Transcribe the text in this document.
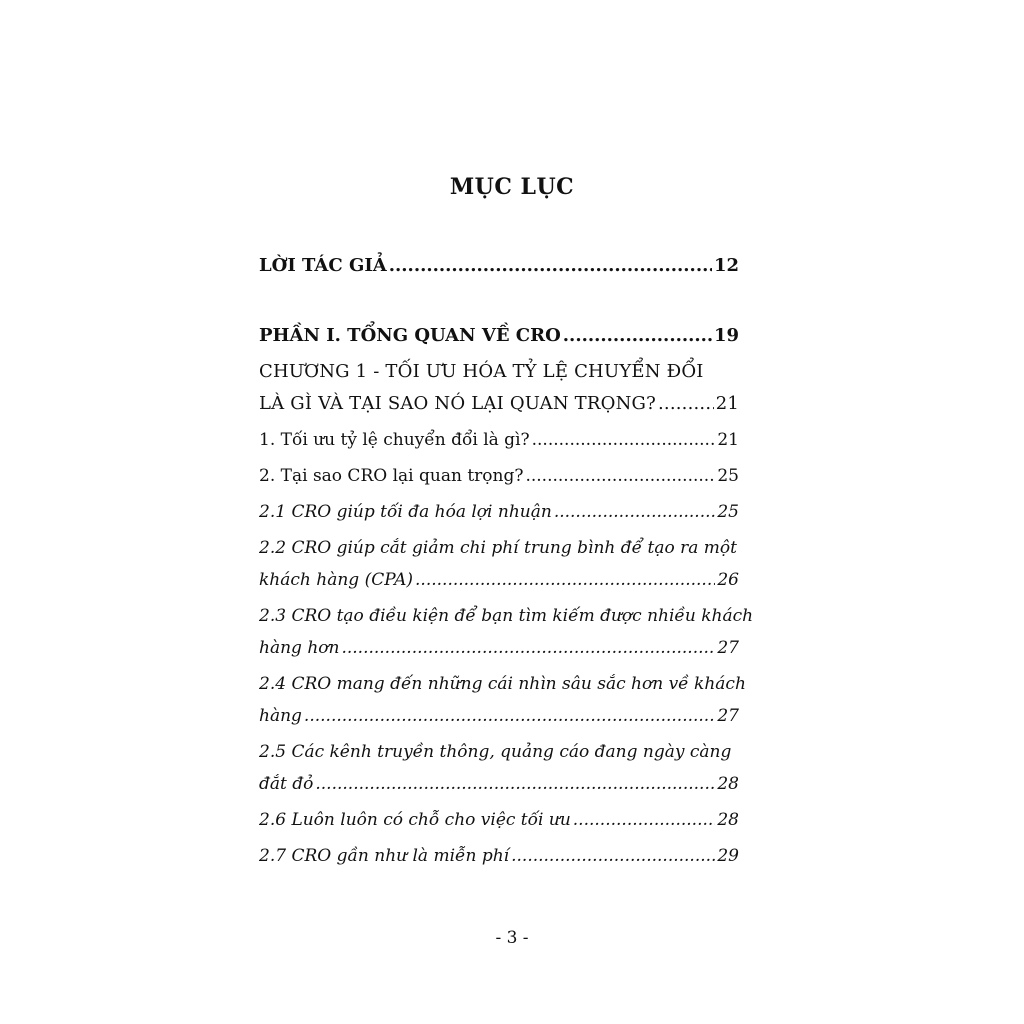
MỤC LỤC
LỜI TÁC GIẢ .....	12
PHẦN I. TỔNG QUAN VỀ CRO .....	19
CHƯƠNG 1 - TỐI ƯU HÓA TỶ LỆ CHUYỂN ĐỔI
LÀ GÌ VÀ TẠI SAO NÓ LẠI QUAN TRỌNG? .....	21
1. Tối ưu tỷ lệ chuyển đổi là gì? .....	21
2. Tại sao CRO lại quan trọng? .....	25
2.1 CRO giúp tối đa hóa lợi nhuận .....	25
2.2 CRO giúp cắt giảm chi phí trung bình để tạo ra một
khách hàng (CPA) .....	26
2.3 CRO tạo điều kiện để bạn tìm kiếm được nhiều khách
hàng hơn .....	27
2.4 CRO mang đến những cái nhìn sâu sắc hơn về khách
hàng .....	27
2.5 Các kênh truyền thông, quảng cáo đang ngày càng
đắt đỏ .....	28
2.6 Luôn luôn có chỗ cho việc tối ưu .....	28
2.7 CRO gần như là miễn phí .....	29
- 3 -
